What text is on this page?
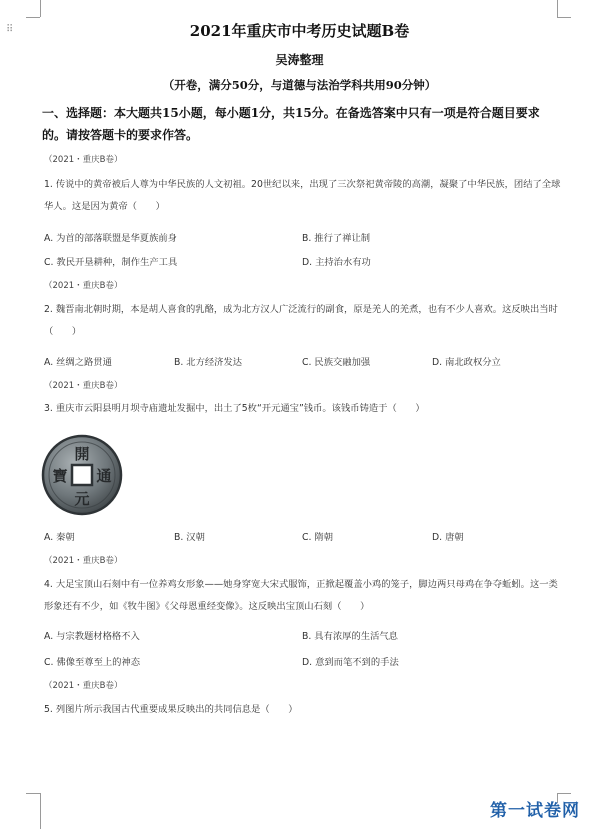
⠿	2021年重庆市中考历史试题B卷
吴涛整理
（开卷，满分50分，与道德与法治学科共用90分钟）
一、选择题：本大题共15小题，每小题1分，共15分。在备选答案中只有一项是符合题目要求的。请按答题卡的要求作答。
（2021・重庆B卷）
1. 传说中的黄帝被后人尊为中华民族的人文初祖。20世纪以来，出现了三次祭祀黄帝陵的高潮，凝聚了中华民族，团结了全球华人。这是因为黄帝（　　）
A. 为首的部落联盟是华夏族前身	B. 推行了禅让制
C. 教民开垦耕种，制作生产工具	D. 主持治水有功
（2021・重庆B卷）
2. 魏晋南北朝时期，本是胡人喜食的乳酪，成为北方汉人广泛流行的副食，原是羌人的羌煮，也有不少人喜欢。这反映出当时（　　）
A. 丝绸之路贯通	B. 北方经济发达	C. 民族交融加强	D. 南北政权分立
（2021・重庆B卷）
3. 重庆市云阳县明月坝寺庙遗址发掘中，出土了5枚“开元通宝”钱币。该钱币铸造于（　　）
開
元
通
寶
A. 秦朝	B. 汉朝	C. 隋朝	D. 唐朝
（2021・重庆B卷）
4. 大足宝顶山石刻中有一位养鸡女形象——她身穿宽大宋式服饰，正掀起覆盖小鸡的笼子，脚边两只母鸡在争夺蚯蚓。这一类形象还有不少，如《牧牛图》《父母恩重经变像》。这反映出宝顶山石刻（　　）
A. 与宗教题材格格不入	B. 具有浓厚的生活气息
C. 佛像至尊至上的神态	D. 意到而笔不到的手法
（2021・重庆B卷）
5. 列图片所示我国古代重要成果反映出的共同信息是（　　）
第一试卷网
